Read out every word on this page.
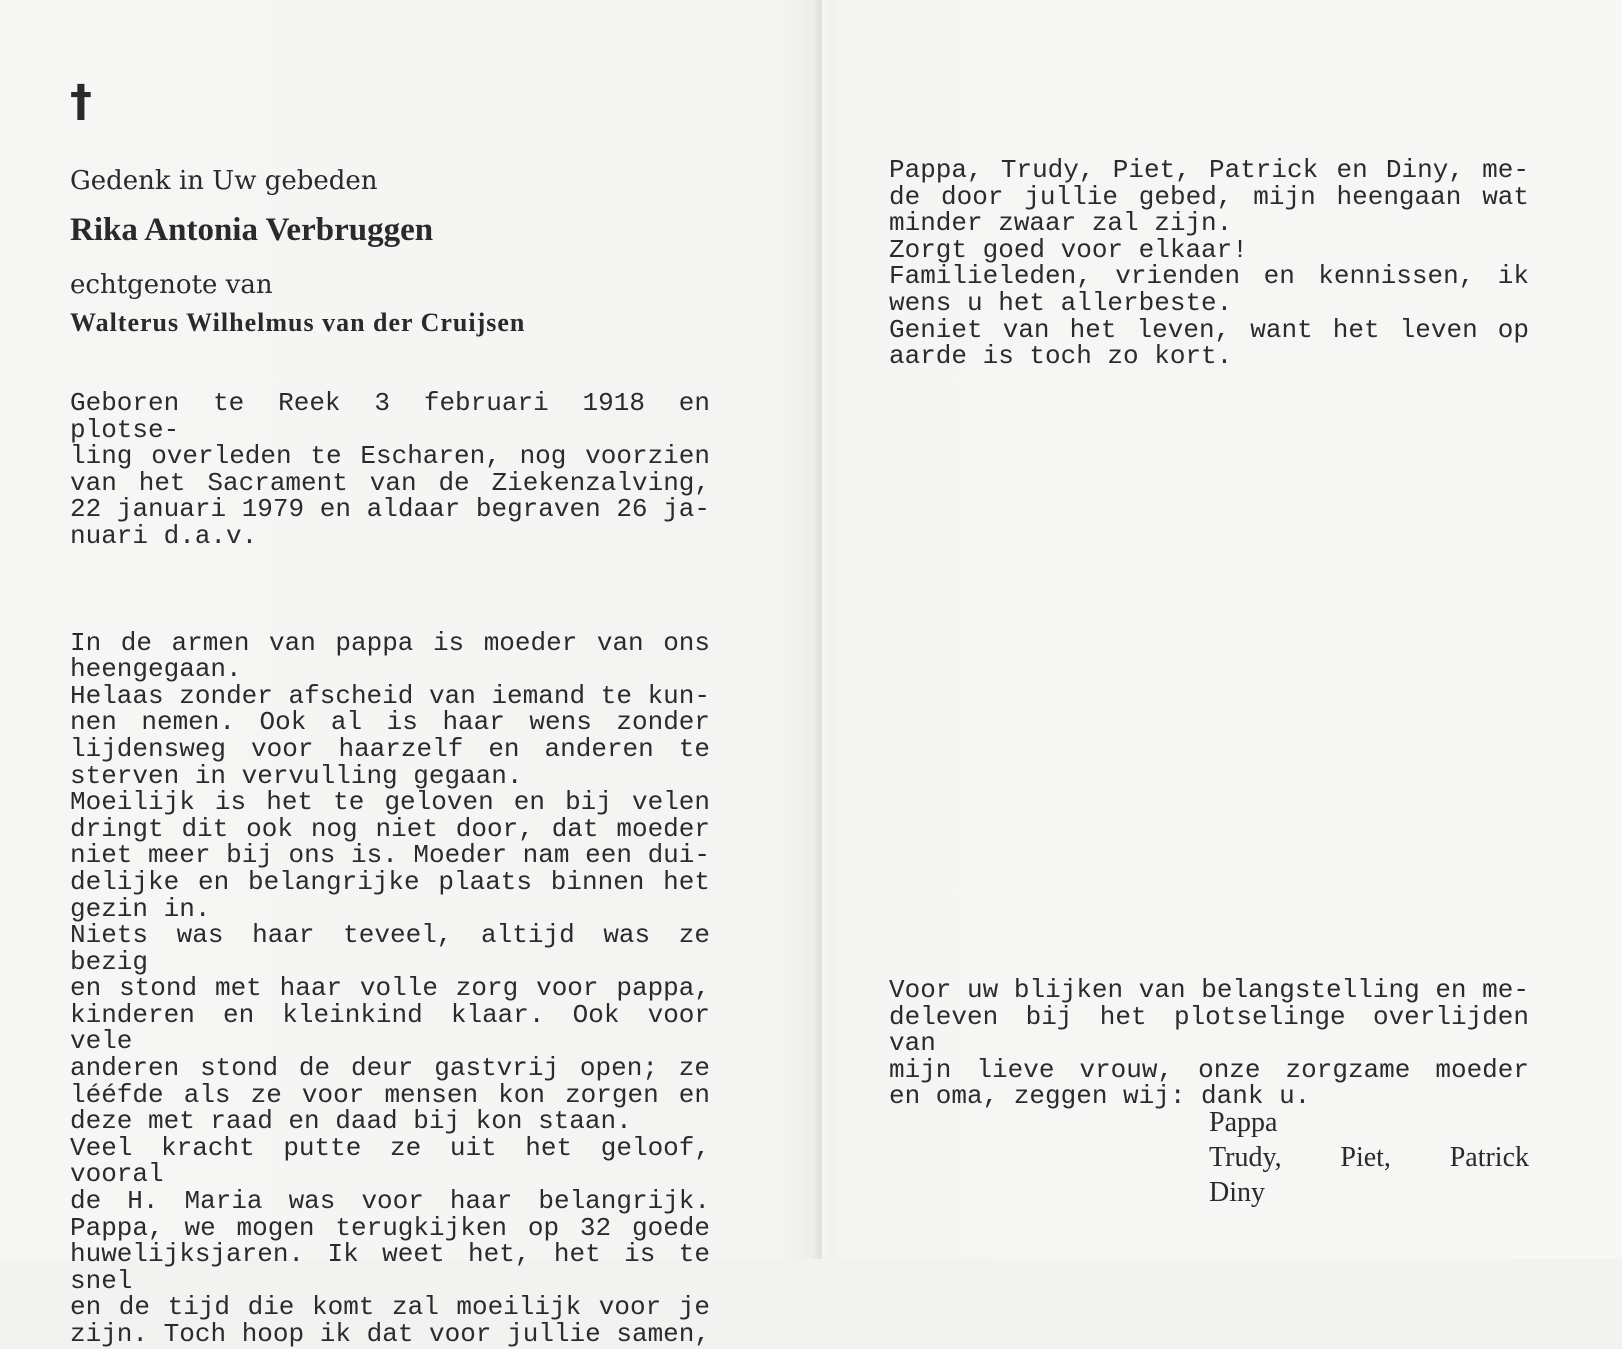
†
Gedenk in Uw gebeden
Rika Antonia Verbruggen
echtgenote van
Walterus Wilhelmus van der Cruijsen
Geboren te Reek 3 februari 1918 en plotse-
ling overleden te Escharen, nog voorzien
van het Sacrament van de Ziekenzalving,
22 januari 1979 en aldaar begraven 26 ja-
nuari d.a.v.
In de armen van pappa is moeder van ons
heengegaan.
Helaas zonder afscheid van iemand te kun-
nen nemen. Ook al is haar wens zonder
lijdensweg voor haarzelf en anderen te
sterven in vervulling gegaan.
Moeilijk is het te geloven en bij velen
dringt dit ook nog niet door, dat moeder
niet meer bij ons is. Moeder nam een dui-
delijke en belangrijke plaats binnen het
gezin in.
Niets was haar teveel, altijd was ze bezig
en stond met haar volle zorg voor pappa,
kinderen en kleinkind klaar. Ook voor vele
anderen stond de deur gastvrij open; ze
lééfde als ze voor mensen kon zorgen en
deze met raad en daad bij kon staan.
Veel kracht putte ze uit het geloof, vooral
de H. Maria was voor haar belangrijk.
Pappa, we mogen terugkijken op 32 goede
huwelijksjaren. Ik weet het, het is te snel
en de tijd die komt zal moeilijk voor je
zijn. Toch hoop ik dat voor jullie samen,
Pappa, Trudy, Piet, Patrick en Diny, me-
de door jullie gebed, mijn heengaan wat
minder zwaar zal zijn.
Zorgt goed voor elkaar!
Familieleden, vrienden en kennissen, ik
wens u het allerbeste.
Geniet van het leven, want het leven op
aarde is toch zo kort.
Voor uw blijken van belangstelling en me-
deleven bij het plotselinge overlijden van
mijn lieve vrouw, onze zorgzame moeder
en oma, zeggen wij: dank u.
Pappa
Trudy, Piet, Patrick
Diny
